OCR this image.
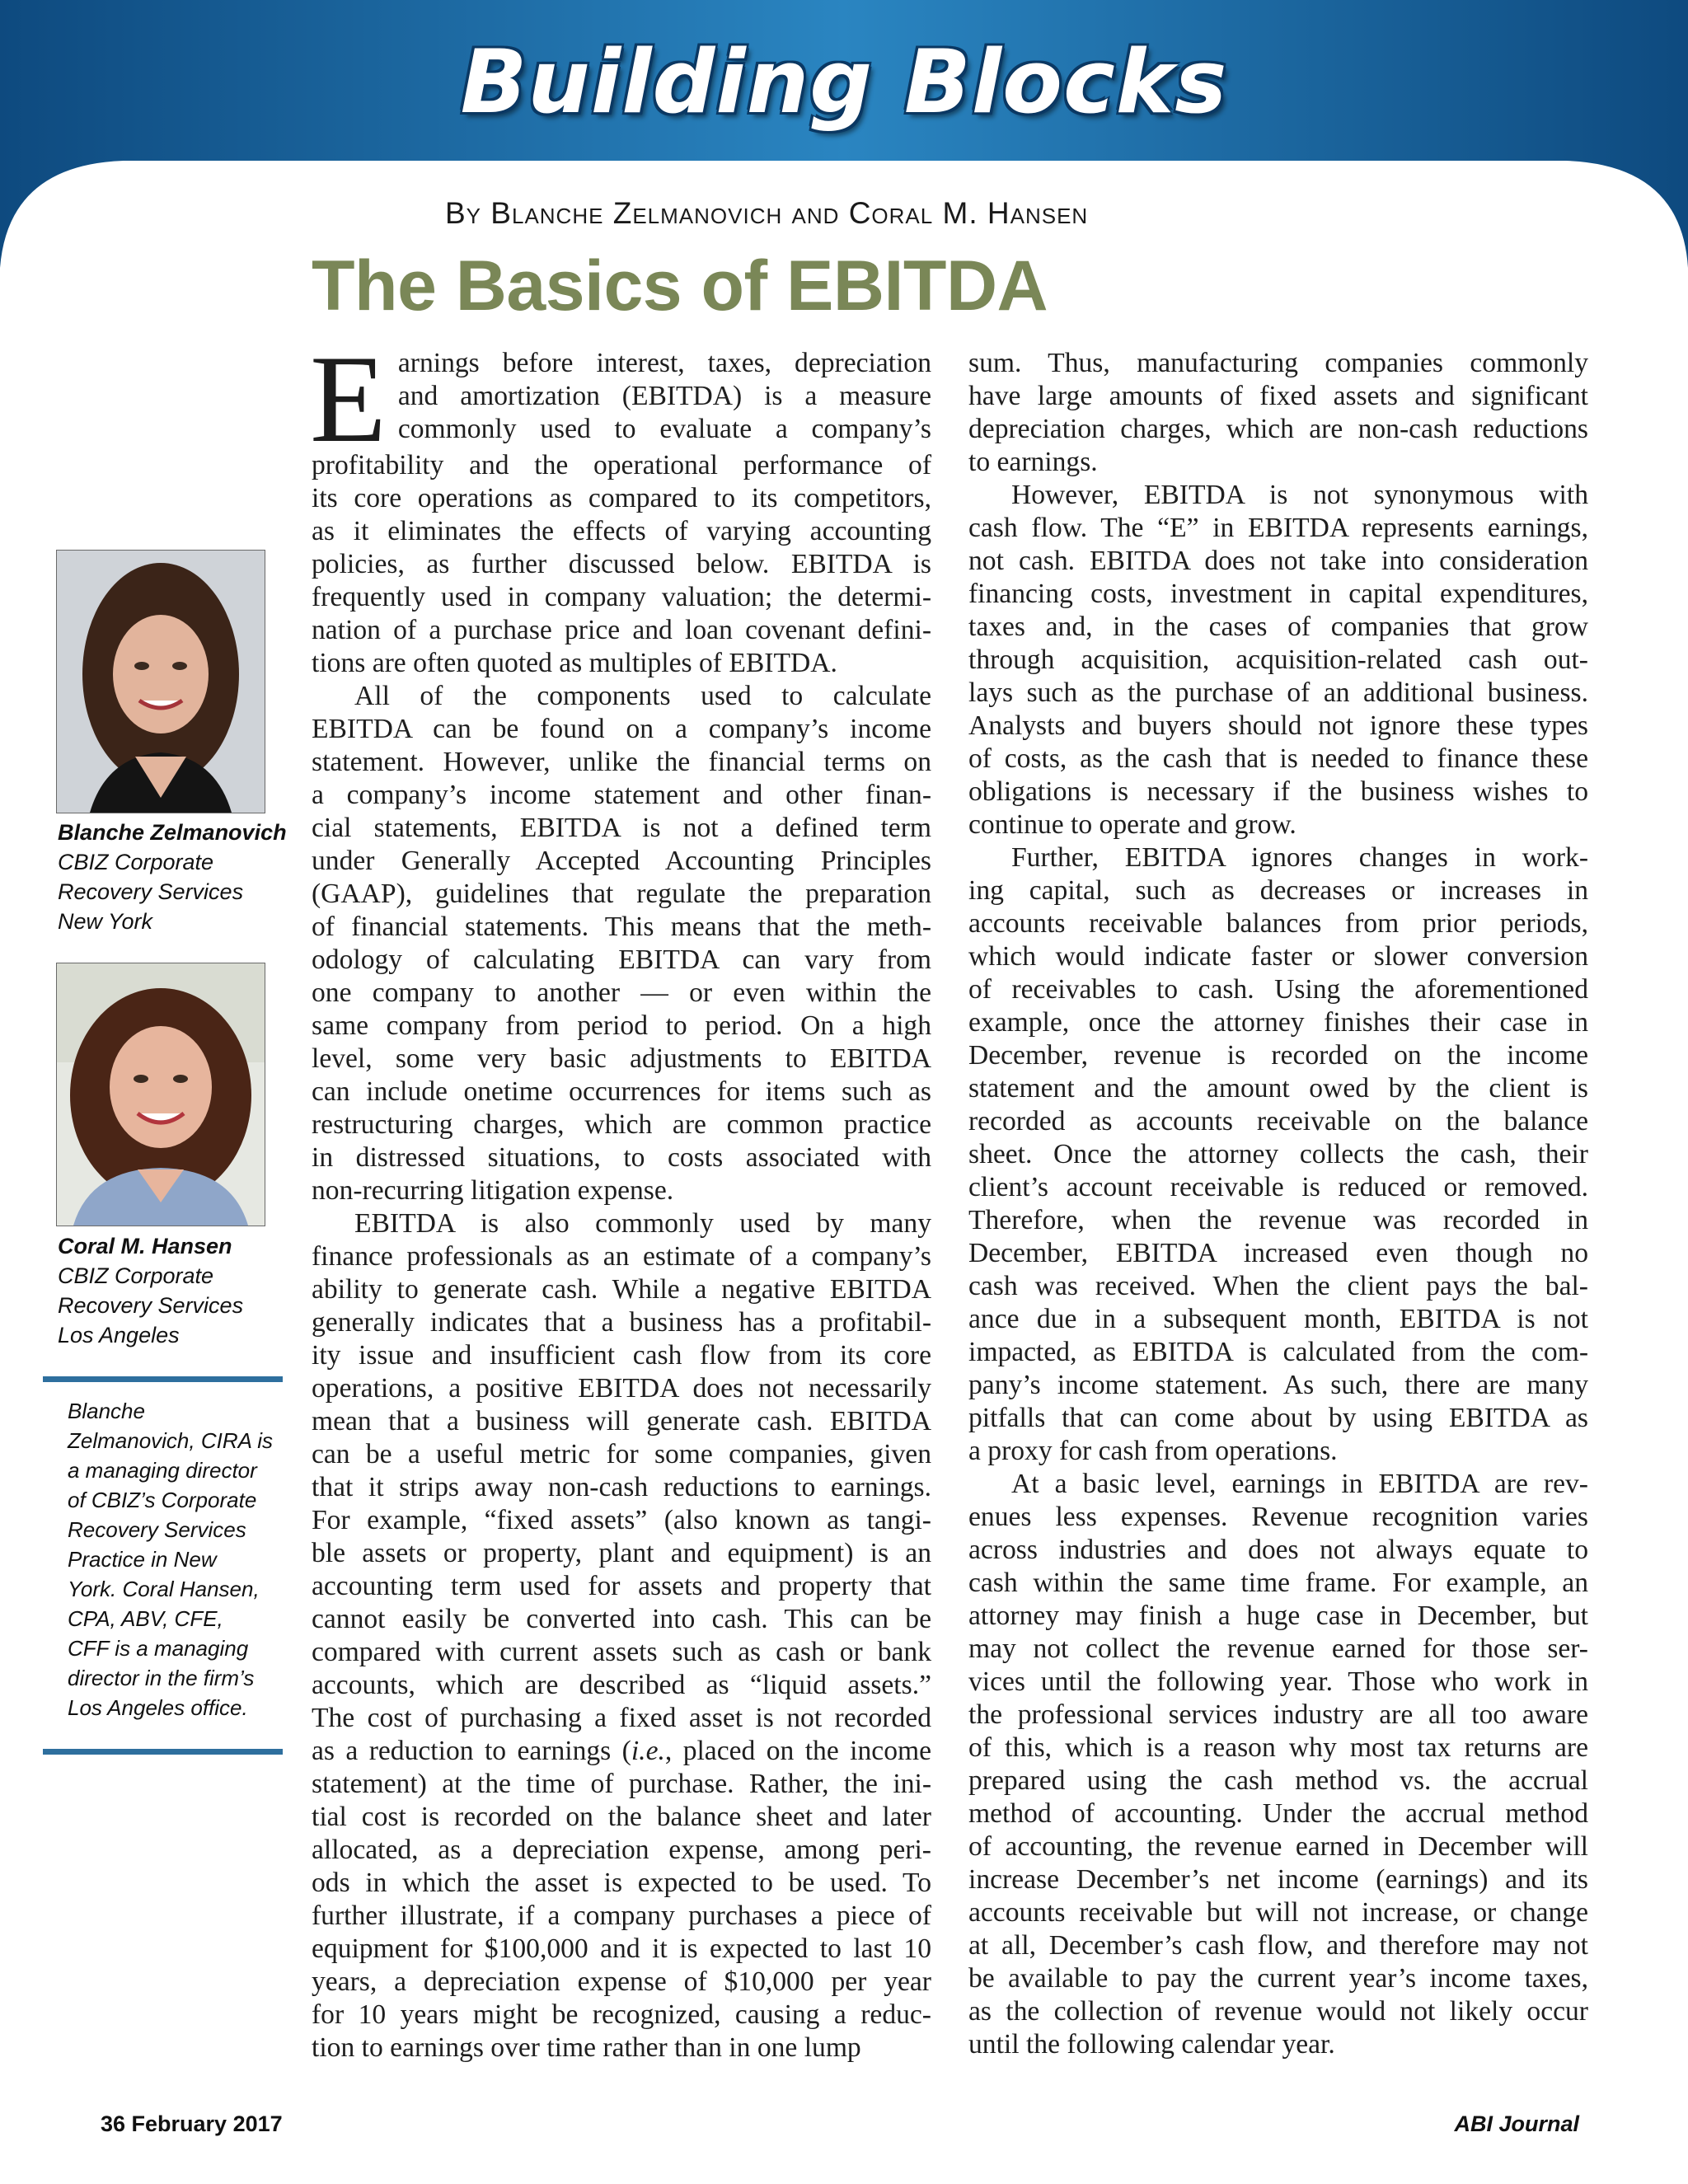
Building Blocks
By Blanche Zelmanovich and Coral M. Hansen
The Basics of EBITDA
Blanche Zelmanovich
CBIZ Corporate
Recovery Services
New York
Coral M. Hansen
CBIZ Corporate
Recovery Services
Los Angeles
Blanche
Zelmanovich, CIRA is
a managing director
of CBIZ’s Corporate
Recovery Services
Practice in New
York. Coral Hansen,
CPA, ABV, CFE,
CFF is a managing
director in the firm’s
Los Angeles office.
E arnings before interest, taxes, depreciation
and amortization (EBITDA) is a measure
commonly used to evaluate a company’s
profitability and the operational performance of
its core operations as compared to its competitors,
as it eliminates the effects of varying accounting
policies, as further discussed below. EBITDA is
frequently used in company valuation; the determi-
nation of a purchase price and loan covenant defini-
tions are often quoted as multiples of EBITDA.
All of the components used to calculate
EBITDA can be found on a company’s income
statement. However, unlike the financial terms on
a company’s income statement and other finan-
cial statements, EBITDA is not a defined term
under Generally Accepted Accounting Principles
(GAAP), guidelines that regulate the preparation
of financial statements. This means that the meth-
odology of calculating EBITDA can vary from
one company to another — or even within the
same company from period to period. On a high
level, some very basic adjustments to EBITDA
can include onetime occurrences for items such as
restructuring charges, which are common practice
in distressed situations, to costs associated with
non-recurring litigation expense.
EBITDA is also commonly used by many
finance professionals as an estimate of a company’s
ability to generate cash. While a negative EBITDA
generally indicates that a business has a profitabil-
ity issue and insufficient cash flow from its core
operations, a positive EBITDA does not necessarily
mean that a business will generate cash. EBITDA
can be a useful metric for some companies, given
that it strips away non-cash reductions to earnings.
For example, “fixed assets” (also known as tangi-
ble assets or property, plant and equipment) is an
accounting term used for assets and property that
cannot easily be converted into cash. This can be
compared with current assets such as cash or bank
accounts, which are described as “liquid assets.”
The cost of purchasing a fixed asset is not recorded
as a reduction to earnings (i.e., placed on the income
statement) at the time of purchase. Rather, the ini-
tial cost is recorded on the balance sheet and later
allocated, as a depreciation expense, among peri-
ods in which the asset is expected to be used. To
further illustrate, if a company purchases a piece of
equipment for $100,000 and it is expected to last 10
years, a depreciation expense of $10,000 per year
for 10 years might be recognized, causing a reduc-
tion to earnings over time rather than in one lump
sum. Thus, manufacturing companies commonly
have large amounts of fixed assets and significant
depreciation charges, which are non-cash reductions
to earnings.
However, EBITDA is not synonymous with
cash flow. The “E” in EBITDA represents earnings,
not cash. EBITDA does not take into consideration
financing costs, investment in capital expenditures,
taxes and, in the cases of companies that grow
through acquisition, acquisition-related cash out-
lays such as the purchase of an additional business.
Analysts and buyers should not ignore these types
of costs, as the cash that is needed to finance these
obligations is necessary if the business wishes to
continue to operate and grow.
Further, EBITDA ignores changes in work-
ing capital, such as decreases or increases in
accounts receivable balances from prior periods,
which would indicate faster or slower conversion
of receivables to cash. Using the aforementioned
example, once the attorney finishes their case in
December, revenue is recorded on the income
statement and the amount owed by the client is
recorded as accounts receivable on the balance
sheet. Once the attorney collects the cash, their
client’s account receivable is reduced or removed.
Therefore, when the revenue was recorded in
December, EBITDA increased even though no
cash was received. When the client pays the bal-
ance due in a subsequent month, EBITDA is not
impacted, as EBITDA is calculated from the com-
pany’s income statement. As such, there are many
pitfalls that can come about by using EBITDA as
a proxy for cash from operations.
At a basic level, earnings in EBITDA are rev-
enues less expenses. Revenue recognition varies
across industries and does not always equate to
cash within the same time frame. For example, an
attorney may finish a huge case in December, but
may not collect the revenue earned for those ser-
vices until the following year. Those who work in
the professional services industry are all too aware
of this, which is a reason why most tax returns are
prepared using the cash method vs. the accrual
method of accounting. Under the accrual method
of accounting, the revenue earned in December will
increase December’s net income (earnings) and its
accounts receivable but will not increase, or change
at all, December’s cash flow, and therefore may not
be available to pay the current year’s income taxes,
as the collection of revenue would not likely occur
until the following calendar year.
36 February 2017	ABI Journal
